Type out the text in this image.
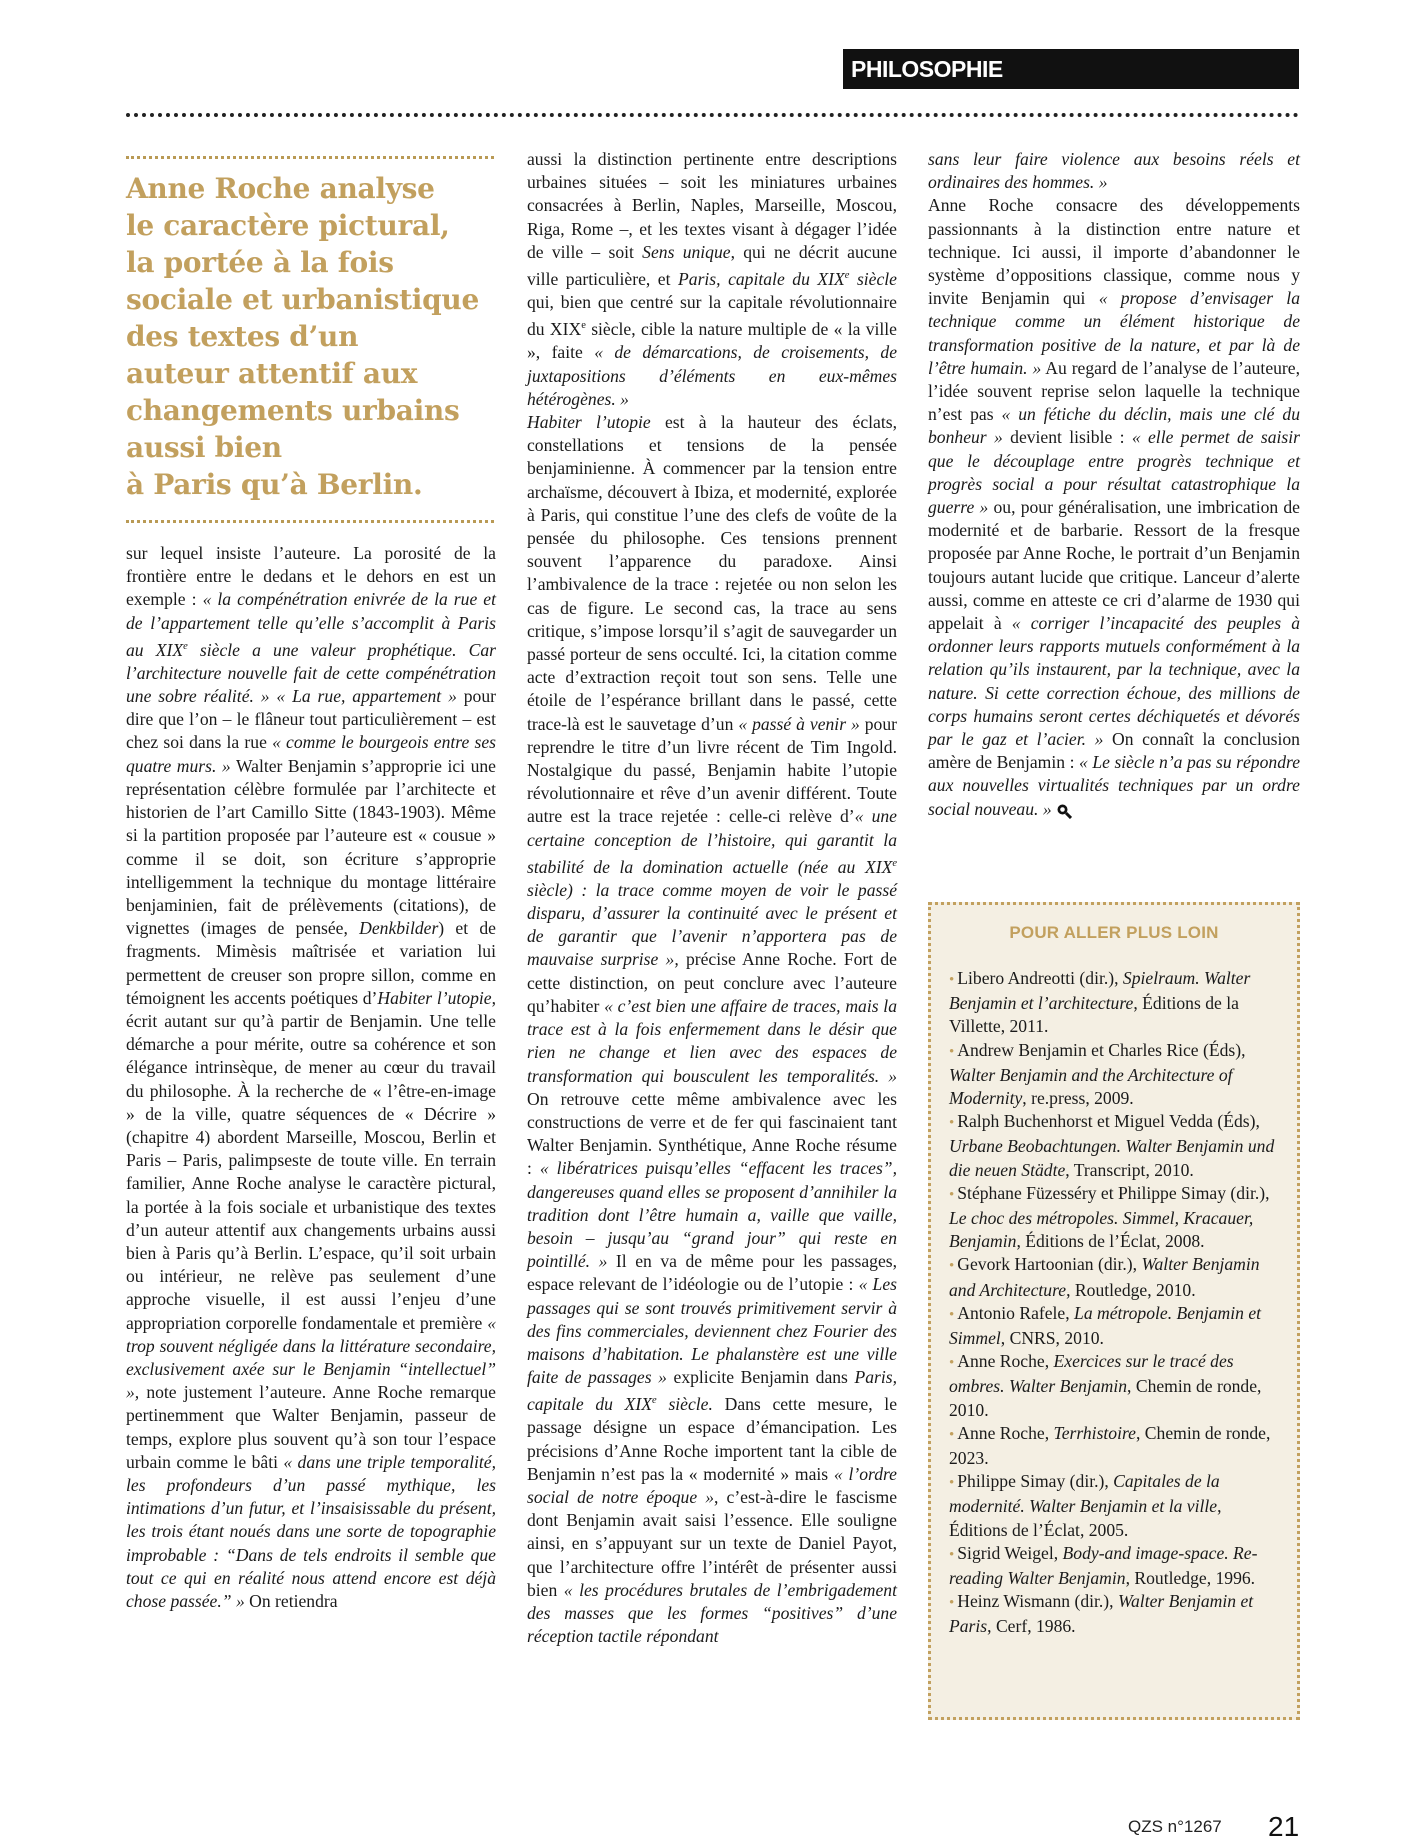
PHILOSOPHIE
Anne Roche analyse
le caractère pictural,
la portée à la fois
sociale et urbanistique
des textes d’un
auteur attentif aux
changements urbains
aussi bien
à Paris qu’à Berlin.

sur lequel insiste l’auteure. La porosité de la frontière entre le dedans et le dehors en est un exemple : « la compénétration enivrée de la rue et de l’appartement telle qu’elle s’accomplit à Paris au XIXe siècle a une valeur prophétique. Car l’architecture nouvelle fait de cette compénétration une sobre réalité. » « La rue, appartement » pour dire que l’on – le flâneur tout particulièrement – est chez soi dans la rue « comme le bourgeois entre ses quatre murs. » Walter Benjamin s’approprie ici une représentation célèbre formulée par l’architecte et historien de l’art Camillo Sitte (1843-1903). Même si la partition proposée par l’auteure est « cousue » comme il se doit, son écriture s’approprie intelligemment la technique du montage littéraire benjaminien, fait de prélèvements (citations), de vignettes (images de pensée, Denkbilder) et de fragments. Mimèsis maîtrisée et variation lui permettent de creuser son propre sillon, comme en témoignent les accents poétiques d’Habiter l’utopie, écrit autant sur qu’à partir de Benjamin. Une telle démarche a pour mérite, outre sa cohérence et son élégance intrinsèque, de mener au cœur du travail du philosophe. À la recherche de « l’être-en-image » de la ville, quatre séquences de « Décrire » (chapitre 4) abordent Marseille, Moscou, Berlin et Paris – Paris, palimpseste de toute ville. En terrain familier, Anne Roche analyse le caractère pictural, la portée à la fois sociale et urbanistique des textes d’un auteur attentif aux changements urbains aussi bien à Paris qu’à Berlin. L’espace, qu’il soit urbain ou intérieur, ne relève pas seulement d’une approche visuelle, il est aussi l’enjeu d’une appropriation corporelle fondamentale et première « trop souvent négligée dans la littérature secondaire, exclusivement axée sur le Benjamin “intellectuel” », note justement l’auteure. Anne Roche remarque pertinemment que Walter Benjamin, passeur de temps, explore plus souvent qu’à son tour l’espace urbain comme le bâti « dans une triple temporalité, les profondeurs d’un passé mythique, les intimations d’un futur, et l’insaisissable du présent, les trois étant noués dans une sorte de topographie improbable : “Dans de tels endroits il semble que tout ce qui en réalité nous attend encore est déjà chose passée.” » On retiendra

aussi la distinction pertinente entre descriptions urbaines situées – soit les miniatures urbaines consacrées à Berlin, Naples, Marseille, Moscou, Riga, Rome –, et les textes visant à dégager l’idée de ville – soit Sens unique, qui ne décrit aucune ville particulière, et Paris, capitale du XIXe siècle qui, bien que centré sur la capitale révolutionnaire du XIXe siècle, cible la nature multiple de « la ville », faite « de démarcations, de croisements, de juxtapositions d’éléments en eux-mêmes hétérogènes. »
Habiter l’utopie est à la hauteur des éclats, constellations et tensions de la pensée benjaminienne. À commencer par la tension entre archaïsme, découvert à Ibiza, et modernité, explorée à Paris, qui constitue l’une des clefs de voûte de la pensée du philosophe. Ces tensions prennent souvent l’apparence du paradoxe. Ainsi l’ambivalence de la trace : rejetée ou non selon les cas de figure. Le second cas, la trace au sens critique, s’impose lorsqu’il s’agit de sauvegarder un passé porteur de sens occulté. Ici, la citation comme acte d’extraction reçoit tout son sens. Telle une étoile de l’espérance brillant dans le passé, cette trace-là est le sauvetage d’un « passé à venir » pour reprendre le titre d’un livre récent de Tim Ingold. Nostalgique du passé, Benjamin habite l’utopie révolutionnaire et rêve d’un avenir différent. Toute autre est la trace rejetée : celle-ci relève d’« une certaine conception de l’histoire, qui garantit la stabilité de la domination actuelle (née au XIXe siècle) : la trace comme moyen de voir le passé disparu, d’assurer la continuité avec le présent et de garantir que l’avenir n’apportera pas de mauvaise surprise », précise Anne Roche. Fort de cette distinction, on peut conclure avec l’auteure qu’habiter « c’est bien une affaire de traces, mais la trace est à la fois enfermement dans le désir que rien ne change et lien avec des espaces de transformation qui bousculent les temporalités. » On retrouve cette même ambivalence avec les constructions de verre et de fer qui fascinaient tant Walter Benjamin. Synthétique, Anne Roche résume : « libératrices puisqu’elles “effacent les traces”, dangereuses quand elles se proposent d’annihiler la tradition dont l’être humain a, vaille que vaille, besoin – jusqu’au “grand jour” qui reste en pointillé. » Il en va de même pour les passages, espace relevant de l’idéologie ou de l’utopie : « Les passages qui se sont trouvés primitivement servir à des fins commerciales, deviennent chez Fourier des maisons d’habitation. Le phalanstère est une ville faite de passages » explicite Benjamin dans Paris, capitale du XIXe siècle. Dans cette mesure, le passage désigne un espace d’émancipation. Les précisions d’Anne Roche importent tant la cible de Benjamin n’est pas la « modernité » mais « l’ordre social de notre époque », c’est-à-dire le fascisme dont Benjamin avait saisi l’essence. Elle souligne ainsi, en s’appuyant sur un texte de Daniel Payot, que l’architecture offre l’intérêt de présenter aussi bien « les procédures brutales de l’embrigadement des masses que les formes “positives” d’une réception tactile répondant

sans leur faire violence aux besoins réels et ordinaires des hommes. »
Anne Roche consacre des développements passionnants à la distinction entre nature et technique. Ici aussi, il importe d’abandonner le système d’oppositions classique, comme nous y invite Benjamin qui « propose d’envisager la technique comme un élément historique de transformation positive de la nature, et par là de l’être humain. » Au regard de l’analyse de l’auteure, l’idée souvent reprise selon laquelle la technique n’est pas « un fétiche du déclin, mais une clé du bonheur » devient lisible : « elle permet de saisir que le découplage entre progrès technique et progrès social a pour résultat catastrophique la guerre » ou, pour généralisation, une imbrication de modernité et de barbarie. Ressort de la fresque proposée par Anne Roche, le portrait d’un Benjamin toujours autant lucide que critique. Lanceur d’alerte aussi, comme en atteste ce cri d’alarme de 1930 qui appelait à « corriger l’incapacité des peuples à ordonner leurs rapports mutuels conformément à la relation qu’ils instaurent, par la technique, avec la nature. Si cette correction échoue, des millions de corps humains seront certes déchiquetés et dévorés par le gaz et l’acier. » On connaît la conclusion amère de Benjamin : « Le siècle n’a pas su répondre aux nouvelles virtualités techniques par un ordre social nouveau. »

POUR ALLER PLUS LOIN
• Libero Andreotti (dir.), Spielraum. Walter Benjamin et l’architecture, Éditions de la Villette, 2011.
• Andrew Benjamin et Charles Rice (Éds), Walter Benjamin and the Architecture of Modernity, re.press, 2009.
• Ralph Buchenhorst et Miguel Vedda (Éds), Urbane Beobachtungen. Walter Benjamin und die neuen Städte, Transcript, 2010.
• Stéphane Füzesséry et Philippe Simay (dir.), Le choc des métropoles. Simmel, Kracauer, Benjamin, Éditions de l’Éclat, 2008.
• Gevork Hartoonian (dir.), Walter Benjamin and Architecture, Routledge, 2010.
• Antonio Rafele, La métropole. Benjamin et Simmel, CNRS, 2010.
• Anne Roche, Exercices sur le tracé des ombres. Walter Benjamin, Chemin de ronde, 2010.
• Anne Roche, Terrhistoire, Chemin de ronde, 2023.
• Philippe Simay (dir.), Capitales de la modernité. Walter Benjamin et la ville, Éditions de l’Éclat, 2005.
• Sigrid Weigel, Body-and image-space. Re-reading Walter Benjamin, Routledge, 1996.
• Heinz Wismann (dir.), Walter Benjamin et Paris, Cerf, 1986.
QZS n°1267 21
